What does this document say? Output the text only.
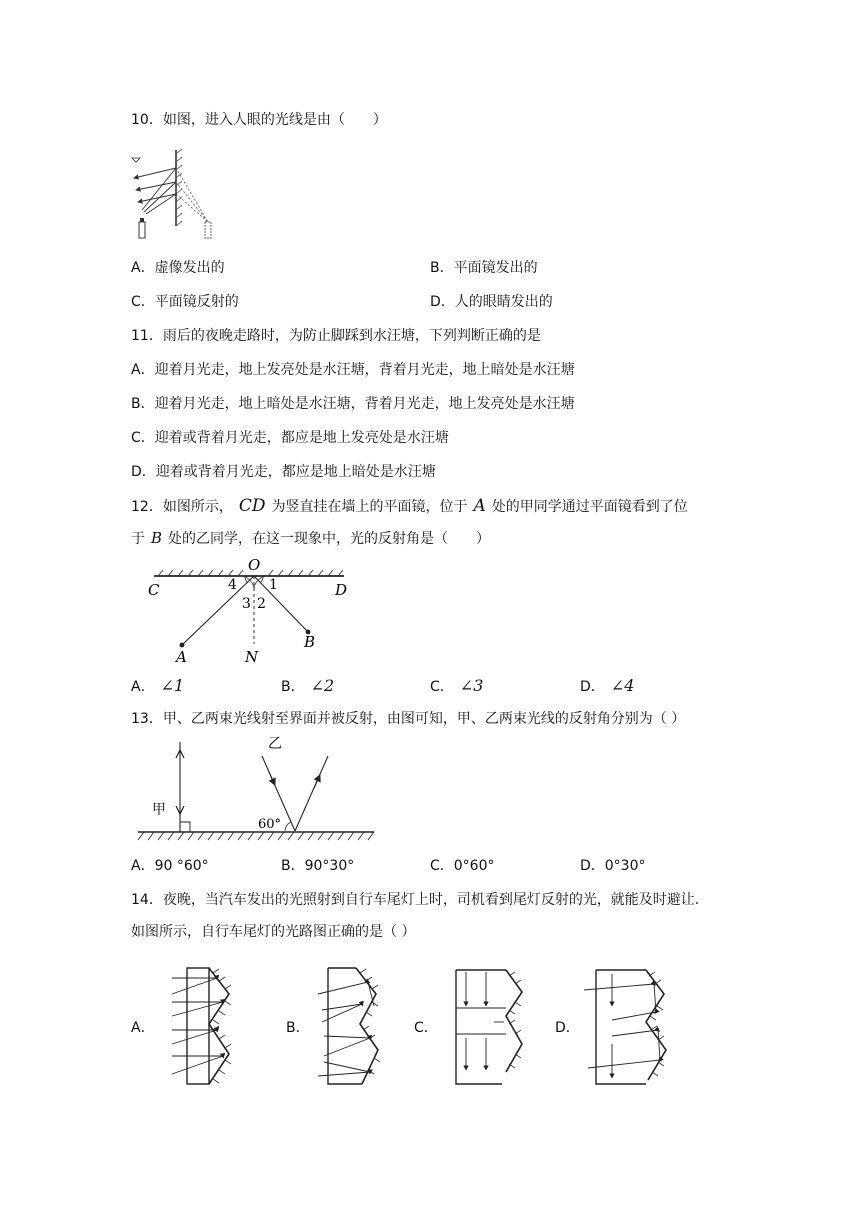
10．如图，进入人眼的光线是由（　　）
A．虚像发出的	B．平面镜发出的
C．平面镜反射的	D．人的眼睛发出的
11．雨后的夜晚走路时，为防止脚踩到水汪塘，下列判断正确的是
A．迎着月光走，地上发亮处是水汪塘，背着月光走，地上暗处是水汪塘
B．迎着月光走，地上暗处是水汪塘，背着月光走，地上发亮处是水汪塘
C．迎着或背着月光走，都应是地上发亮处是水汪塘
D．迎着或背着月光走，都应是地上暗处是水汪塘
12．如图所示， CD 为竖直挂在墙上的平面镜，位于 A 处的甲同学通过平面镜看到了位
于 B 处的乙同学，在这一现象中，光的反射角是（　　）
O
C	D
4 1
3 2
A
B
N
A． ∠1	B． ∠2	C． ∠3	D． ∠4
13．甲、乙两束光线射至界面并被反射，由图可知，甲、乙两束光线的反射角分别为（ ）
甲
乙
60°
A．90 °60°	B．90°30°	C．0°60°	D．0°30°
14．夜晚，当汽车发出的光照射到自行车尾灯上时，司机看到尾灯反射的光，就能及时避让.
如图所示，自行车尾灯的光路图正确的是（ ）
A．	B．	C．	D．
